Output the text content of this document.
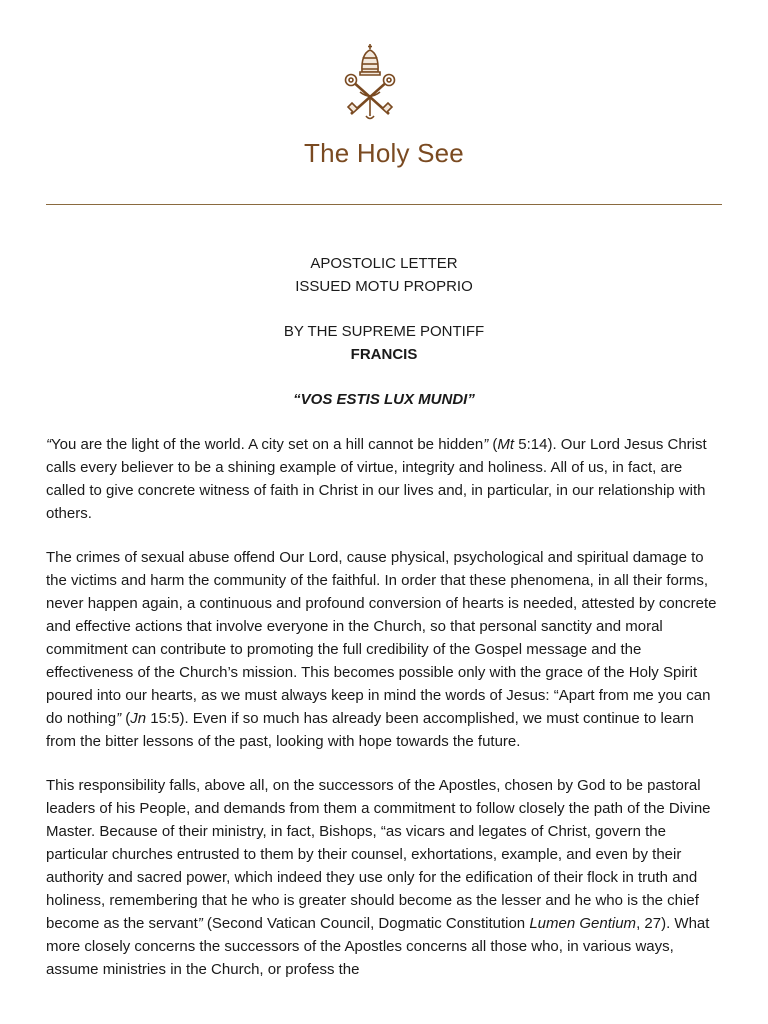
The Holy See

APOSTOLIC LETTER

ISSUED MOTU PROPRIO

BY THE SUPREME PONTIFF

FRANCIS

“VOS ESTIS LUX MUNDI”

“You are the light of the world. A city set on a hill cannot be hidden” (Mt 5:14). Our Lord Jesus Christ calls every believer to be a shining example of virtue, integrity and holiness. All of us, in fact, are called to give concrete witness of faith in Christ in our lives and, in particular, in our relationship with others.

The crimes of sexual abuse offend Our Lord, cause physical, psychological and spiritual damage to the victims and harm the community of the faithful. In order that these phenomena, in all their forms, never happen again, a continuous and profound conversion of hearts is needed, attested by concrete and effective actions that involve everyone in the Church, so that personal sanctity and moral commitment can contribute to promoting the full credibility of the Gospel message and the effectiveness of the Church’s mission. This becomes possible only with the grace of the Holy Spirit poured into our hearts, as we must always keep in mind the words of Jesus: “Apart from me you can do nothing” (Jn 15:5). Even if so much has already been accomplished, we must continue to learn from the bitter lessons of the past, looking with hope towards the future.

This responsibility falls, above all, on the successors of the Apostles, chosen by God to be pastoral leaders of his People, and demands from them a commitment to follow closely the path of the Divine Master. Because of their ministry, in fact, Bishops, “as vicars and legates of Christ, govern the particular churches entrusted to them by their counsel, exhortations, example, and even by their authority and sacred power, which indeed they use only for the edification of their flock in truth and holiness, remembering that he who is greater should become as the lesser and he who is the chief become as the servant” (Second Vatican Council, Dogmatic Constitution Lumen Gentium, 27). What more closely concerns the successors of the Apostles concerns all those who, in various ways, assume ministries in the Church, or profess the
